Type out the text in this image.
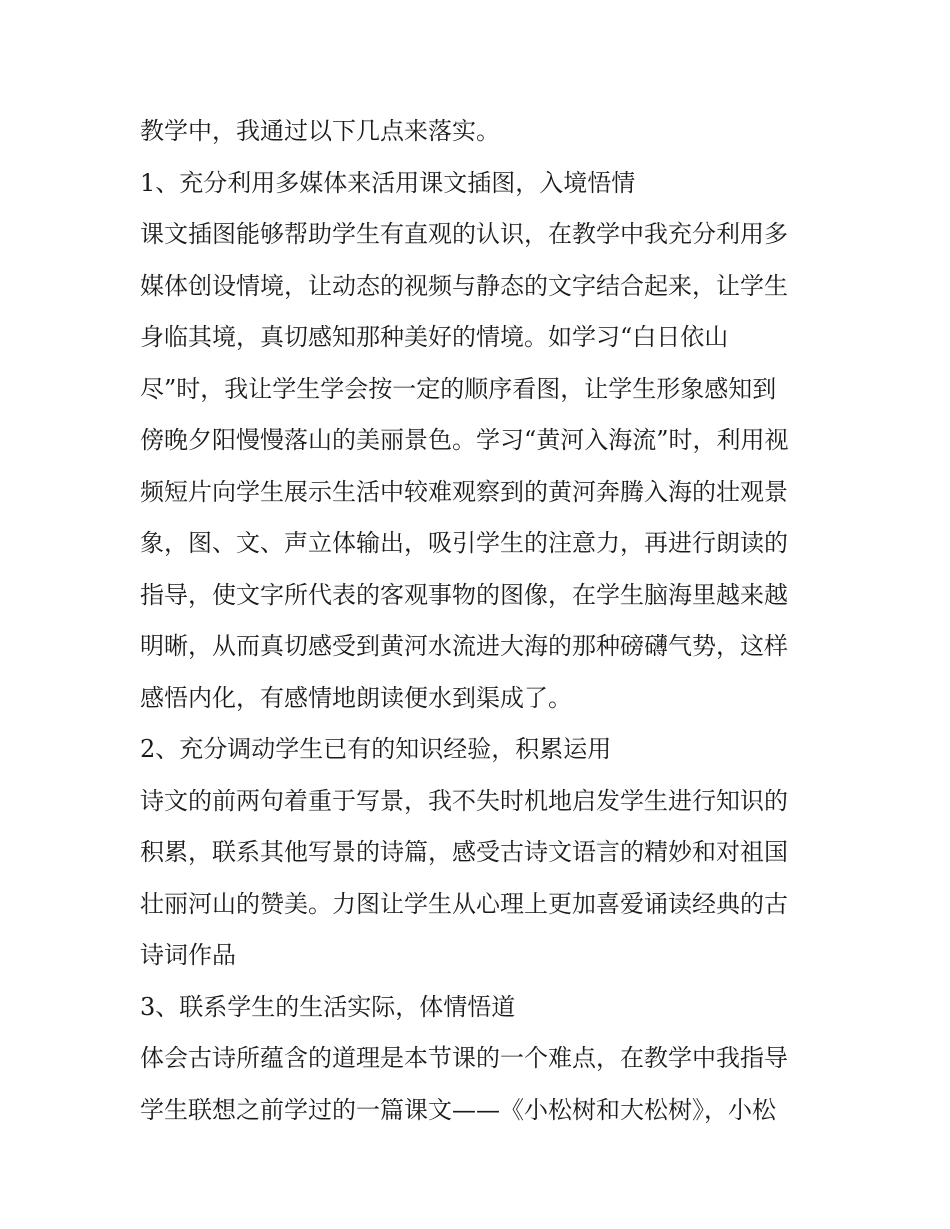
教学中，我通过以下几点来落实。
1、充分利用多媒体来活用课文插图，入境悟情
课文插图能够帮助学生有直观的认识，在教学中我充分利用多
媒体创设情境，让动态的视频与静态的文字结合起来，让学生
身临其境，真切感知那种美好的情境。如学习“白日依山
尽”时，我让学生学会按一定的顺序看图，让学生形象感知到
傍晚夕阳慢慢落山的美丽景色。学习“黄河入海流”时，利用视
频短片向学生展示生活中较难观察到的黄河奔腾入海的壮观景
象，图、文、声立体输出，吸引学生的注意力，再进行朗读的
指导，使文字所代表的客观事物的图像，在学生脑海里越来越
明晰，从而真切感受到黄河水流进大海的那种磅礴气势，这样
感悟内化，有感情地朗读便水到渠成了。
2、充分调动学生已有的知识经验，积累运用
诗文的前两句着重于写景，我不失时机地启发学生进行知识的
积累，联系其他写景的诗篇，感受古诗文语言的精妙和对祖国
壮丽河山的赞美。力图让学生从心理上更加喜爱诵读经典的古
诗词作品
3、联系学生的生活实际，体情悟道
体会古诗所蕴含的道理是本节课的一个难点，在教学中我指导
学生联想之前学过的一篇课文——《小松树和大松树》，小松
